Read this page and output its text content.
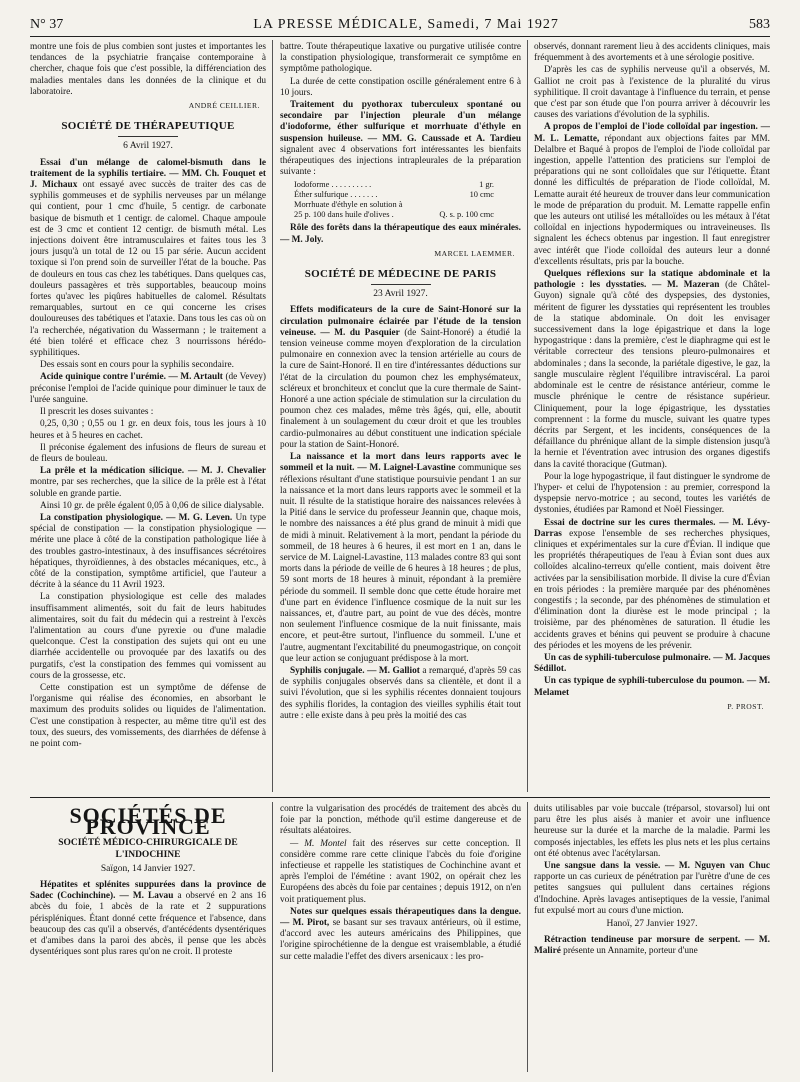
N° 37	LA PRESSE MÉDICALE, Samedi, 7 Mai 1927	583

montre une fois de plus combien sont justes et importantes les tendances de la psychiatrie française contemporaine à chercher, chaque fois que c'est possible, la différenciation des maladies mentales dans les données de la clinique et du laboratoire.

ANDRÉ CEILLIER.
SOCIÉTÉ DE THÉRAPEUTIQUE
6 Avril 1927.

Essai d'un mélange de calomel-bismuth dans le traitement de la syphilis tertiaire. — MM. Ch. Fouquet et J. Michaux ont essayé avec succès de traiter des cas de syphilis gommeuses et de syphilis nerveuses par un mélange qui contient, pour 1 cmc d'huile, 5 centigr. de carbonate basique de bismuth et 1 centigr. de calomel. Chaque ampoule est de 3 cmc et contient 12 centigr. de bismuth métal. Les injections doivent être intramusculaires et faites tous les 3 jours jusqu'à un total de 12 ou 15 par série. Aucun accident toxique si l'on prend soin de surveiller l'état de la bouche. Pas de douleurs en tous cas chez les tabétiques. Dans quelques cas, douleurs passagères et très supportables, beaucoup moins fortes qu'avec les piqûres habituelles de calomel. Résultats remarquables, surtout en ce qui concerne les crises douloureuses des tabétiques et l'ataxie. Dans tous les cas où on l'a recherchée, négativation du Wassermann ; le traitement a été bien toléré et efficace chez 3 nourrissons hérédo-syphilitiques.

Des essais sont en cours pour la syphilis secondaire.

Acide quinique contre l'urémie. — M. Artault (de Vevey) préconise l'emploi de l'acide quinique pour diminuer le taux de l'urée sanguine.

Il prescrit les doses suivantes :

0,25, 0,30 ; 0,55 ou 1 gr. en deux fois, tous les jours à 10 heures et à 5 heures en cachet.

Il préconise également des infusions de fleurs de sureau et de fleurs de bouleau.

La prêle et la médication silicique. — M. J. Chevalier montre, par ses recherches, que la silice de la prêle est à l'état soluble en grande partie.

Ainsi 10 gr. de prêle égalent 0,05 à 0,06 de silice dialysable.

La constipation physiologique. — M. G. Leven. Un type spécial de constipation — la constipation physiologique — mérite une place à côté de la constipation pathologique liée à des troubles gastro-intestinaux, à des insuffisances sécrétoires hépatiques, thyroïdiennes, à des obstacles mécaniques, etc., à côté de la constipation, symptôme artificiel, que l'auteur a décrite à la séance du 11 Avril 1923.

La constipation physiologique est celle des malades insuffisamment alimentés, soit du fait de leurs habitudes alimentaires, soit du fait du médecin qui a restreint à l'excès l'alimentation au cours d'une pyrexie ou d'une maladie quelconque. C'est la constipation des sujets qui ont eu une diarrhée accidentelle ou provoquée par des laxatifs ou des purgatifs, c'est la constipation des femmes qui vomissent au cours de la grossesse, etc.

Cette constipation est un symptôme de défense de l'organisme qui réalise des économies, en absorbant le maximum des produits solides ou liquides de l'alimentation. C'est une constipation à respecter, au même titre qu'il est des toux, des sueurs, des vomissements, des diarrhées de défense à ne point com-

battre. Toute thérapeutique laxative ou purgative utilisée contre la constipation physiologique, transformerait ce symptôme en symptôme pathologique.

La durée de cette constipation oscille généralement entre 6 à 10 jours.

Traitement du pyothorax tuberculeux spontané ou secondaire par l'injection pleurale d'un mélange d'iodoforme, éther sulfurique et morrhuate d'éthyle en suspension huileuse. — MM. G. Caussade et A. Tardieu signalent avec 4 observations fort intéressantes les bienfaits thérapeutiques des injections intrapleurales de la préparation suivante :

Iodoforme . . . . . . . . . .	1 gr.
Éther sulfurique . . . . . . .	10 cmc
Morrhuate d'éthyle en solution à
25 p. 100 dans huile d'olives .	Q. s. p. 100 cmc

Rôle des forêts dans la thérapeutique des eaux minérales. — M. Joly.

MARCEL LAEMMER.
SOCIÉTÉ DE MÉDECINE DE PARIS
23 Avril 1927.

Effets modificateurs de la cure de Saint-Honoré sur la circulation pulmonaire éclairée par l'étude de la tension veineuse. — M. du Pasquier (de Saint-Honoré) a étudié la tension veineuse comme moyen d'exploration de la circulation pulmonaire en connexion avec la tension artérielle au cours de la cure de Saint-Honoré. Il en tire d'intéressantes déductions sur l'état de la circulation du poumon chez les emphysémateux, scléreux et bronchiteux et conclut que la cure thermale de Saint-Honoré a une action spéciale de stimulation sur la circulation du poumon chez ces malades, même très âgés, qui, elle, aboutit finalement à un soulagement du cœur droit et que les troubles cardio-pulmonaires au début constituent une indication spéciale pour la station de Saint-Honoré.

La naissance et la mort dans leurs rapports avec le sommeil et la nuit. — M. Laignel-Lavastine communique ses réflexions résultant d'une statistique poursuivie pendant 1 an sur la naissance et la mort dans leurs rapports avec le sommeil et la nuit. Il résulte de la statistique horaire des naissances relevées à la Pitié dans le service du professeur Jeannin que, chaque mois, le nombre des naissances a été plus grand de minuit à midi que de midi à minuit. Relativement à la mort, pendant la période du sommeil, de 18 heures à 6 heures, il est mort en 1 an, dans le service de M. Laignel-Lavastine, 113 malades contre 83 qui sont morts dans la période de veille de 6 heures à 18 heures ; de plus, 59 sont morts de 18 heures à minuit, répondant à la première période du sommeil. Il semble donc que cette étude horaire met d'une part en évidence l'influence cosmique de la nuit sur les naissances, et, d'autre part, au point de vue des décès, montre non seulement l'influence cosmique de la nuit finissante, mais encore, et peut-être surtout, l'influence du sommeil. L'une et l'autre, augmentant l'excitabilité du pneumogastrique, on conçoit que leur action se conjuguant prédispose à la mort.

Syphilis conjugale. — M. Galliot a remarqué, d'après 59 cas de syphilis conjugales observés dans sa clientèle, et dont il a suivi l'évolution, que si les syphilis récentes donnaient toujours des syphilis florides, la contagion des vieilles syphilis était tout autre : elle existe dans à peu près la moitié des cas

observés, donnant rarement lieu à des accidents cliniques, mais fréquemment à des avortements et à une sérologie positive.

D'après les cas de syphilis nerveuse qu'il a observés, M. Galliot ne croit pas à l'existence de la pluralité du virus syphilitique. Il croit davantage à l'influence du terrain, et pense que c'est par son étude que l'on pourra arriver à découvrir les causes des variations d'évolution de la syphilis.

A propos de l'emploi de l'iode colloïdal par ingestion. — M. L. Lematte, répondant aux objections faites par MM. Delalbre et Baqué à propos de l'emploi de l'iode colloïdal par ingestion, appelle l'attention des praticiens sur l'emploi de préparations qui ne sont colloïdales que sur l'étiquette. Étant donné les difficultés de préparation de l'iode colloïdal, M. Lematte aurait été heureux de trouver dans leur communication le mode de préparation du produit. M. Lematte rappelle enfin que les auteurs ont utilisé les métalloïdes ou les métaux à l'état colloïdal en injections hypodermiques ou intraveineuses. Ils signalent les échecs obtenus par ingestion. Il faut enregistrer avec intérêt que l'iode colloïdal des auteurs leur a donné d'excellents résultats, pris par la bouche.

Quelques réflexions sur la statique abdominale et la pathologie : les dysstaties. — M. Mazeran (de Châtel-Guyon) signale qu'à côté des dyspepsies, des dystonies, méritent de figurer les dysstaties qui représentent les troubles de la statique abdominale. On doit les envisager successivement dans la loge épigastrique et dans la loge hypogastrique : dans la première, c'est le diaphragme qui est le véritable correcteur des tensions pleuro-pulmonaires et abdominales ; dans la seconde, la pariétale digestive, le gaz, la sangle musculaire règlent l'équilibre intraviscéral. La paroi abdominale est le centre de résistance antérieur, comme le muscle phrénique le centre de résistance supérieur. Cliniquement, pour la loge épigastrique, les dysstaties comprennent : la forme du muscle, suivant les quatre types décrits par Sergent, et les incidents, conséquences de la défaillance du phrénique allant de la simple distension jusqu'à la hernie et l'éventration avec intrusion des organes digestifs dans la cavité thoracique (Gutman).

Pour la loge hypogastrique, il faut distinguer le syndrome de l'hyper- et celui de l'hypotension : au premier, correspond la dyspepsie nervo-motrice ; au second, toutes les variétés de dystonies, étudiées par Ramond et Noël Fiessinger.

Essai de doctrine sur les cures thermales. — M. Lévy-Darras expose l'ensemble de ses recherches physiques, cliniques et expérimentales sur la cure d'Évian. Il indique que les propriétés thérapeutiques de l'eau à Évian sont dues aux colloïdes alcalino-terreux qu'elle contient, mais doivent être activées par la sensibilisation morbide. Il divise la cure d'Évian en trois périodes : la première marquée par des phénomènes congestifs ; la seconde, par des phénomènes de stimulation et d'élimination dont la diurèse est le mode principal ; la troisième, par des phénomènes de saturation. Il étudie les accidents graves et bénins qui peuvent se produire à chacune des périodes et les moyens de les prévenir.

Un cas de syphili-tuberculose pulmonaire. — M. Jacques Sédillot.

Un cas typique de syphili-tuberculose du poumon. — M. Melamet

P. PROST.
SOCIÉTÉS DE PROVINCE
SOCIÉTÉ MÉDICO-CHIRURGICALE DE L'INDOCHINE
Saïgon, 14 Janvier 1927.

Hépatites et splénites suppurées dans la province de Sadec (Cochinchine). — M. Lavau a observé en 2 ans 16 abcès du foie, 1 abcès de la rate et 2 suppurations périspléniques. Étant donné cette fréquence et l'absence, dans beaucoup des cas qu'il a observés, d'antécédents dysentériques et d'amibes dans la paroi des abcès, il pense que les abcès dysentériques sont plus rares qu'on ne croit. Il proteste

contre la vulgarisation des procédés de traitement des abcès du foie par la ponction, méthode qu'il estime dangereuse et de résultats aléatoires.

— M. Montel fait des réserves sur cette conception. Il considère comme rare cette clinique l'abcès du foie d'origine infectieuse et rappelle les statistiques de Cochinchine avant et après l'emploi de l'émétine : avant 1902, on opérait chez les Européens des abcès du foie par centaines ; depuis 1912, on n'en voit pratiquement plus.

Notes sur quelques essais thérapeutiques dans la dengue. — M. Pirot, se basant sur ses travaux antérieurs, où il estime, d'accord avec les auteurs américains des Philippines, que l'origine spirochétienne de la dengue est vraisemblable, a étudié sur cette maladie l'effet des divers arsenicaux : les pro-

duits utilisables par voie buccale (tréparsol, stovarsol) lui ont paru être les plus aisés à manier et avoir une influence heureuse sur la durée et la marche de la maladie. Parmi les composés injectables, les effets les plus nets et les plus certains ont été obtenus avec l'acétylarsan.

Une sangsue dans la vessie. — M. Nguyen van Chuc rapporte un cas curieux de pénétration par l'urètre d'une de ces petites sangsues qui pullulent dans certaines régions d'Indochine. Après lavages antiseptiques de la vessie, l'animal fut expulsé mort au cours d'une miction.

Hanoï, 27 Janvier 1927.

Rétraction tendineuse par morsure de serpent. — M. Maliré présente un Annamite, porteur d'une
